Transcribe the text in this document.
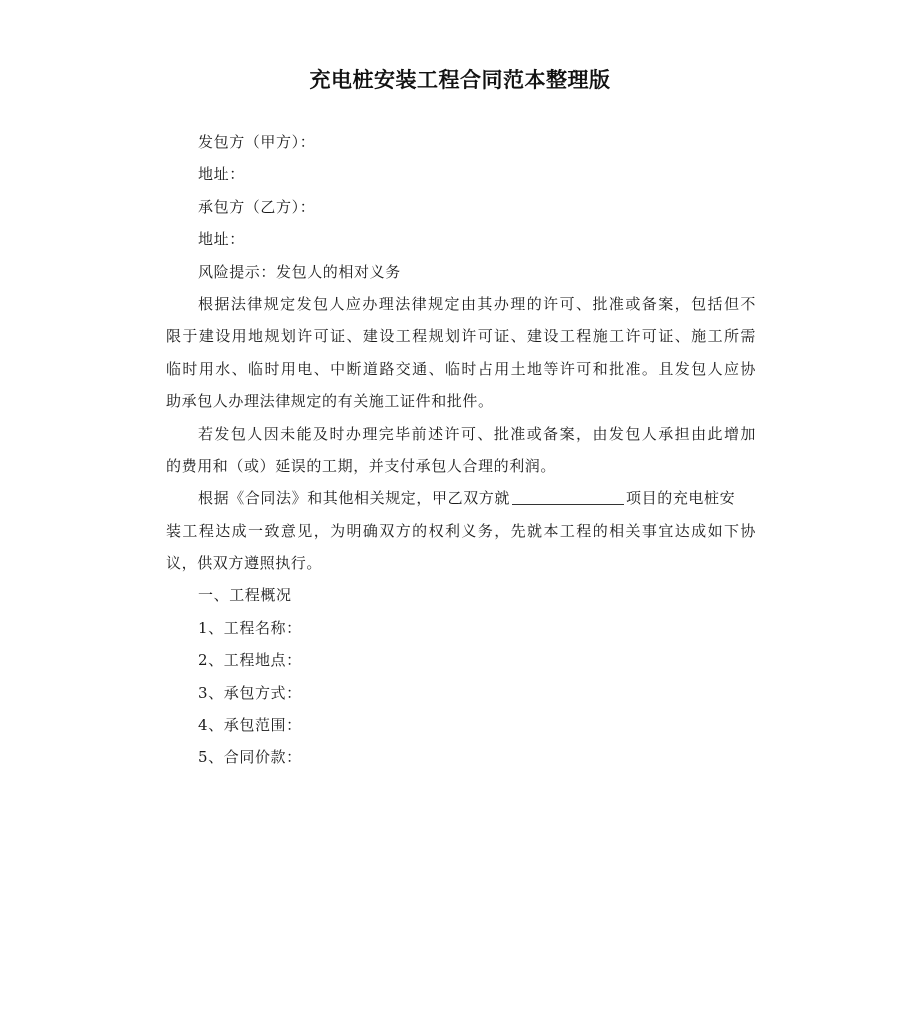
充电桩安装工程合同范本整理版
发包方（甲方）：
地址：
承包方（乙方）：
地址：
风险提示：发包人的相对义务
根据法律规定发包人应办理法律规定由其办理的许可、批准或备案，包括但不
限于建设用地规划许可证、建设工程规划许可证、建设工程施工许可证、施工所需
临时用水、临时用电、中断道路交通、临时占用土地等许可和批准。且发包人应协
助承包人办理法律规定的有关施工证件和批件。
若发包人因未能及时办理完毕前述许可、批准或备案，由发包人承担由此增加
的费用和（或）延误的工期，并支付承包人合理的利润。
根据《合同法》和其他相关规定，甲乙双方就	项目的充电桩安
装工程达成一致意见，为明确双方的权利义务，先就本工程的相关事宜达成如下协
议，供双方遵照执行。
一、工程概况
1、工程名称：
2、工程地点：
3、承包方式：
4、承包范围：
5、合同价款：
